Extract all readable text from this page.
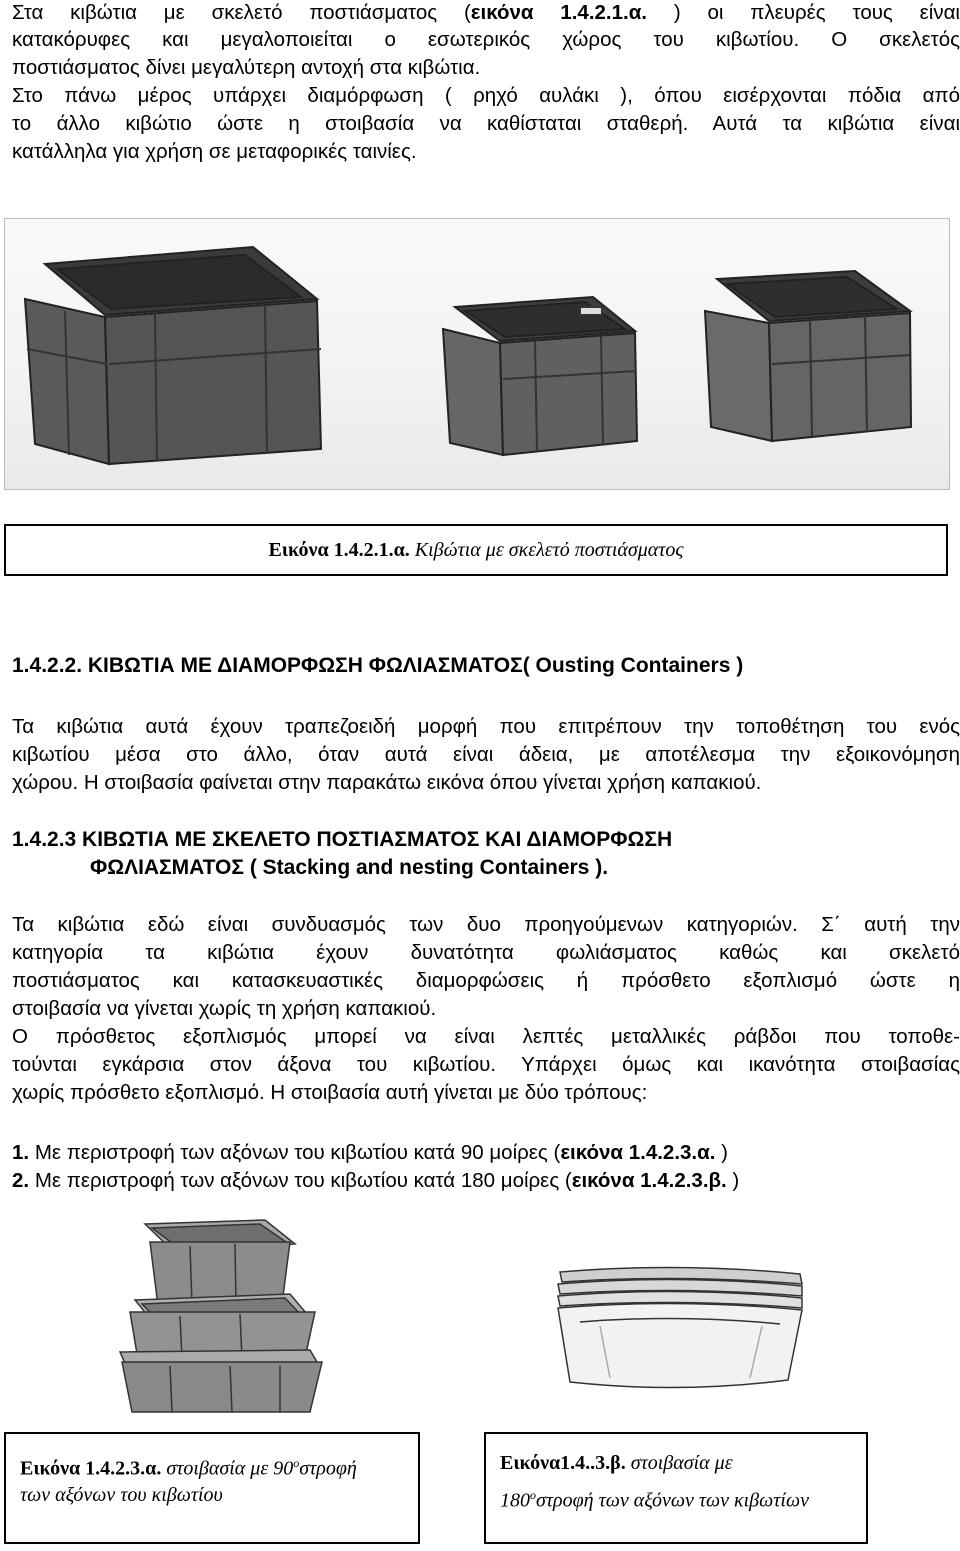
Στα κιβώτια με σκελετό ποστιάσματος (εικόνα 1.4.2.1.α. ) οι πλευρές τους είναι
κατακόρυφες και μεγαλοποιείται ο εσωτερικός χώρος του κιβωτίου. Ο σκελετός
ποστιάσματος δίνει μεγαλύτερη αντοχή στα κιβώτια.
Στο πάνω μέρος υπάρχει διαμόρφωση ( ρηχό αυλάκι ), όπου εισέρχονται πόδια από
το άλλο κιβώτιο ώστε η στοιβασία να καθίσταται σταθερή. Αυτά τα κιβώτια είναι
κατάλληλα για χρήση σε μεταφορικές ταινίες.
Εικόνα 1.4.2.1.α. Κιβώτια με σκελετό ποστιάσματος
1.4.2.2. ΚΙΒΩΤΙΑ ΜΕ ΔΙΑΜΟΡΦΩΣΗ ΦΩΛΙΑΣΜΑΤΟΣ( Ousting Containers )
Τα κιβώτια αυτά έχουν τραπεζοειδή μορφή που επιτρέπουν την τοποθέτηση του ενός
κιβωτίου μέσα στο άλλο, όταν αυτά είναι άδεια, με αποτέλεσμα την εξοικονόμηση
χώρου. Η στοιβασία φαίνεται στην παρακάτω εικόνα όπου γίνεται χρήση καπακιού.
1.4.2.3 ΚΙΒΩΤΙΑ ΜΕ ΣΚΕΛΕΤΟ ΠΟΣΤΙΑΣΜΑΤΟΣ ΚΑΙ ΔΙΑΜΟΡΦΩΣΗ
ΦΩΛΙΑΣΜΑΤΟΣ ( Stacking and nesting Containers ).
Τα κιβώτια εδώ είναι συνδυασμός των δυο προηγούμενων κατηγοριών. Σ΄ αυτή την
κατηγορία τα κιβώτια έχουν δυνατότητα φωλιάσματος καθώς και σκελετό
ποστιάσματος και κατασκευαστικές διαμορφώσεις ή πρόσθετο εξοπλισμό ώστε η
στοιβασία να γίνεται χωρίς τη χρήση καπακιού.
Ο πρόσθετος εξοπλισμός μπορεί να είναι λεπτές μεταλλικές ράβδοι που τοποθε-
τούνται εγκάρσια στον άξονα του κιβωτίου. Υπάρχει όμως και ικανότητα στοιβασίας
χωρίς πρόσθετο εξοπλισμό. Η στοιβασία αυτή γίνεται με δύο τρόπους:
1. Με περιστροφή των αξόνων του κιβωτίου κατά 90 μοίρες (εικόνα 1.4.2.3.α. )
2. Με περιστροφή των αξόνων του κιβωτίου κατά 180 μοίρες (εικόνα 1.4.2.3.β. )
Εικόνα 1.4.2.3.α. στοιβασία με $90^o\sigma\tau\rho o\varphi ή$
των αξόνων του κιβωτίου
Εικόνα1.4..3.β. στοιβασία με
$180^o\sigma\tau\rho o\varphi ή$ των αξόνων των κιβωτίων
